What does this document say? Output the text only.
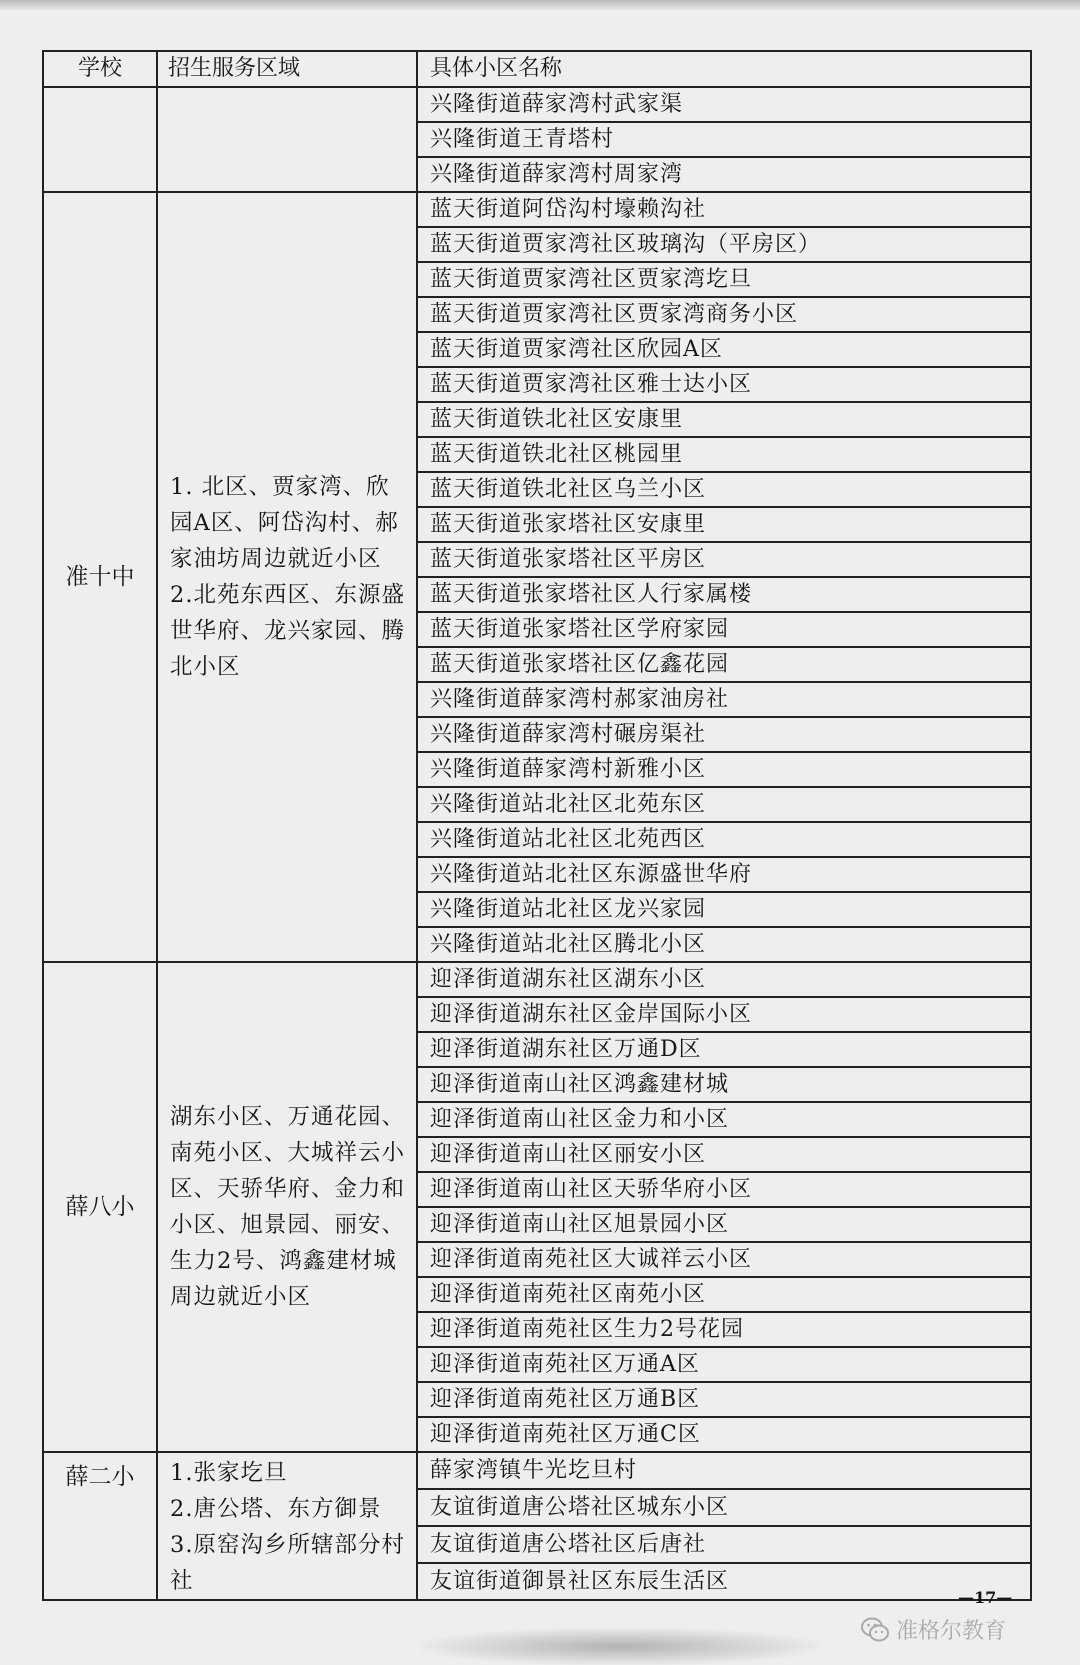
学校	招生服务区域	具体小区名称
		兴隆街道薛家湾村武家渠
		兴隆街道王青塔村
		兴隆街道薛家湾村周家湾
准十中	1. 北区、贾家湾、欣园A区、阿岱沟村、郝家油坊周边就近小区
2.北苑东西区、东源盛世华府、龙兴家园、腾北小区	蓝天街道阿岱沟村壕赖沟社
		蓝天街道贾家湾社区玻璃沟（平房区）
		蓝天街道贾家湾社区贾家湾圪旦
		蓝天街道贾家湾社区贾家湾商务小区
		蓝天街道贾家湾社区欣园A区
		蓝天街道贾家湾社区雅士达小区
		蓝天街道铁北社区安康里
		蓝天街道铁北社区桃园里
		蓝天街道铁北社区乌兰小区
		蓝天街道张家塔社区安康里
		蓝天街道张家塔社区平房区
		蓝天街道张家塔社区人行家属楼
		蓝天街道张家塔社区学府家园
		蓝天街道张家塔社区亿鑫花园
		兴隆街道薛家湾村郝家油房社
		兴隆街道薛家湾村碾房渠社
		兴隆街道薛家湾村新雅小区
		兴隆街道站北社区北苑东区
		兴隆街道站北社区北苑西区
		兴隆街道站北社区东源盛世华府
		兴隆街道站北社区龙兴家园
		兴隆街道站北社区腾北小区
薛八小	湖东小区、万通花园、南苑小区、大城祥云小区、天骄华府、金力和小区、旭景园、丽安、生力2号、鸿鑫建材城周边就近小区	迎泽街道湖东社区湖东小区
		迎泽街道湖东社区金岸国际小区
		迎泽街道湖东社区万通D区
		迎泽街道南山社区鸿鑫建材城
		迎泽街道南山社区金力和小区
		迎泽街道南山社区丽安小区
		迎泽街道南山社区天骄华府小区
		迎泽街道南山社区旭景园小区
		迎泽街道南苑社区大诚祥云小区
		迎泽街道南苑社区南苑小区
		迎泽街道南苑社区生力2号花园
		迎泽街道南苑社区万通A区
		迎泽街道南苑社区万通B区
		迎泽街道南苑社区万通C区
薛二小	1.张家圪旦
2.唐公塔、东方御景
3.原窑沟乡所辖部分村社	薛家湾镇牛光圪旦村
		友谊街道唐公塔社区城东小区
		友谊街道唐公塔社区后唐社
		友谊街道御景社区东辰生活区
—17—
准格尔教育
